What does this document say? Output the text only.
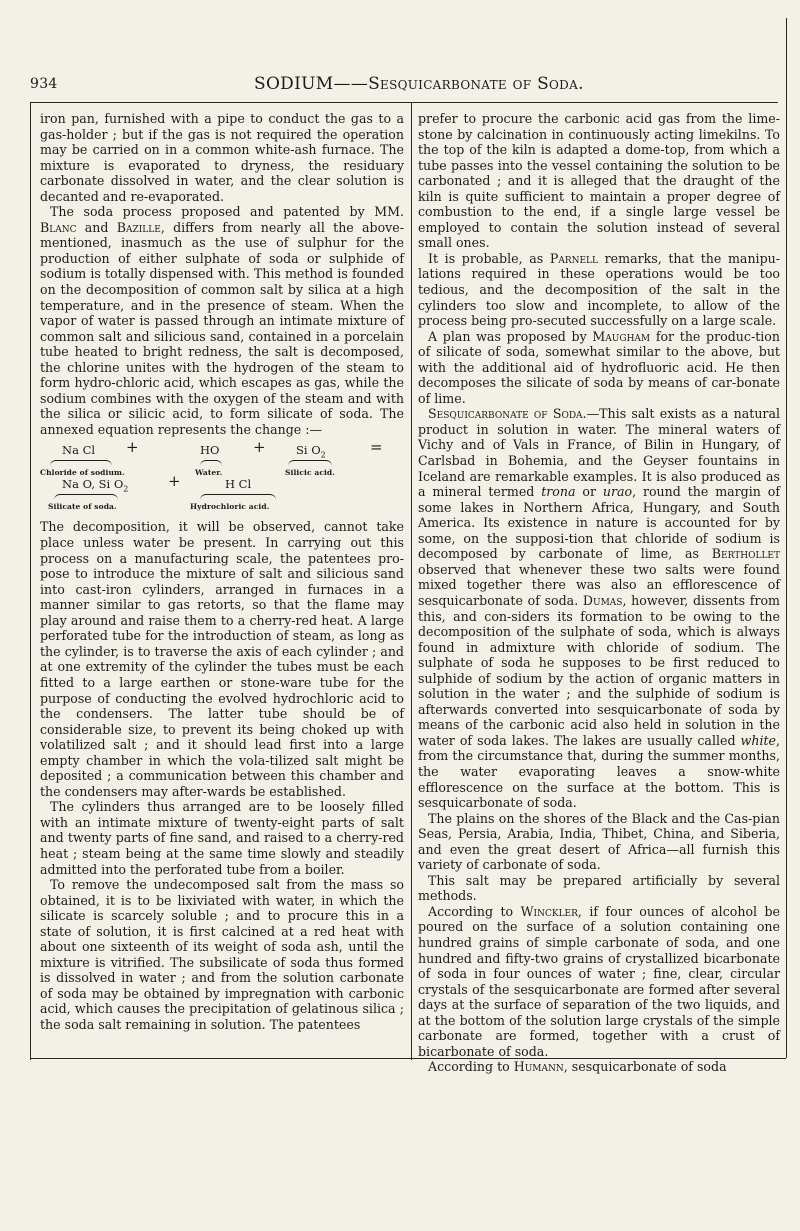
934	SODIUM——Sesquicarbonate of Soda.

iron pan, furnished with a pipe to conduct the gas to a gas-holder ; but if the gas is not required the operation may be carried on in a common white-ash furnace. The mixture is evaporated to dryness, the residuary carbonate dissolved in water, and the clear solution is decanted and re-evaporated.

The soda process proposed and patented by MM. Blanc and Bazille, differs from nearly all the above-mentioned, inasmuch as the use of sulphur for the production of either sulphate of soda or sulphide of sodium is totally dispensed with. This method is founded on the decomposition of common salt by silica at a high temperature, and in the presence of steam. When the vapor of water is passed through an intimate mixture of common salt and silicious sand, contained in a porcelain tube heated to bright redness, the salt is decomposed, the chlorine unites with the hydrogen of the steam to form hydro-chloric acid, which escapes as gas, while the sodium combines with the oxygen of the steam and with the silica or silicic acid, to form silicate of soda. The annexed equation represents the change :—

Na Cl +	HO +	Si $O_2$	=
Chloride of sodium.	Water.	Silicic acid.
Na O, Si $O_2$	+	H Cl
Silicate of soda.	Hydrochloric acid.

The decomposition, it will be observed, cannot take place unless water be present. In carrying out this process on a manufacturing scale, the patentees pro-pose to introduce the mixture of salt and silicious sand into cast-iron cylinders, arranged in furnaces in a manner similar to gas retorts, so that the flame may play around and raise them to a cherry-red heat. A large perforated tube for the introduction of steam, as long as the cylinder, is to traverse the axis of each cylinder ; and at one extremity of the cylinder the tubes must be each fitted to a large earthen or stone-ware tube for the purpose of conducting the evolved hydrochloric acid to the condensers. The latter tube should be of considerable size, to prevent its being choked up with volatilized salt ; and it should lead first into a large empty chamber in which the vola-tilized salt might be deposited ; a communication between this chamber and the condensers may after-wards be established.

The cylinders thus arranged are to be loosely filled with an intimate mixture of twenty-eight parts of salt and twenty parts of fine sand, and raised to a cherry-red heat ; steam being at the same time slowly and steadily admitted into the perforated tube from a boiler.

To remove the undecomposed salt from the mass so obtained, it is to be lixiviated with water, in which the silicate is scarcely soluble ; and to procure this in a state of solution, it is first calcined at a red heat with about one sixteenth of its weight of soda ash, until the mixture is vitrified. The subsilicate of soda thus formed is dissolved in water ; and from the solution carbonate of soda may be obtained by impregnation with carbonic acid, which causes the precipitation of gelatinous silica ; the soda salt remaining in solution. The patentees

prefer to procure the carbonic acid gas from the lime-stone by calcination in continuously acting limekilns. To the top of the kiln is adapted a dome-top, from which a tube passes into the vessel containing the solution to be carbonated ; and it is alleged that the draught of the kiln is quite sufficient to maintain a proper degree of combustion to the end, if a single large vessel be employed to contain the solution instead of several small ones.

It is probable, as Parnell remarks, that the manipu-lations required in these operations would be too tedious, and the decomposition of the salt in the cylinders too slow and incomplete, to allow of the process being pro-secuted successfully on a large scale.

A plan was proposed by Maugham for the produc-tion of silicate of soda, somewhat similar to the above, but with the additional aid of hydrofluoric acid. He then decomposes the silicate of soda by means of car-bonate of lime.

Sesquicarbonate of Soda.—This salt exists as a natural product in solution in water. The mineral waters of Vichy and of Vals in France, of Bilin in Hungary, of Carlsbad in Bohemia, and the Geyser fountains in Iceland are remarkable examples. It is also produced as a mineral termed trona or urao, round the margin of some lakes in Northern Africa, Hungary, and South America. Its existence in nature is accounted for by some, on the supposi-tion that chloride of sodium is decomposed by carbonate of lime, as Berthollet observed that whenever these two salts were found mixed together there was also an efflorescence of sesquicarbonate of soda. Dumas, however, dissents from this, and con-siders its formation to be owing to the decomposition of the sulphate of soda, which is always found in admixture with chloride of sodium. The sulphate of soda he supposes to be first reduced to sulphide of sodium by the action of organic matters in solution in the water ; and the sulphide of sodium is afterwards converted into sesquicarbonate of soda by means of the carbonic acid also held in solution in the water of soda lakes. The lakes are usually called white, from the circumstance that, during the summer months, the water evaporating leaves a snow-white efflorescence on the surface at the bottom. This is sesquicarbonate of soda.

The plains on the shores of the Black and the Cas-pian Seas, Persia, Arabia, India, Thibet, China, and Siberia, and even the great desert of Africa—all furnish this variety of carbonate of soda.

This salt may be prepared artificially by several methods.

According to Winckler, if four ounces of alcohol be poured on the surface of a solution containing one hundred grains of simple carbonate of soda, and one hundred and fifty-two grains of crystallized bicarbonate of soda in four ounces of water ; fine, clear, circular crystals of the sesquicarbonate are formed after several days at the surface of separation of the two liquids, and at the bottom of the solution large crystals of the simple carbonate are formed, together with a crust of bicarbonate of soda.

According to Humann, sesquicarbonate of soda
